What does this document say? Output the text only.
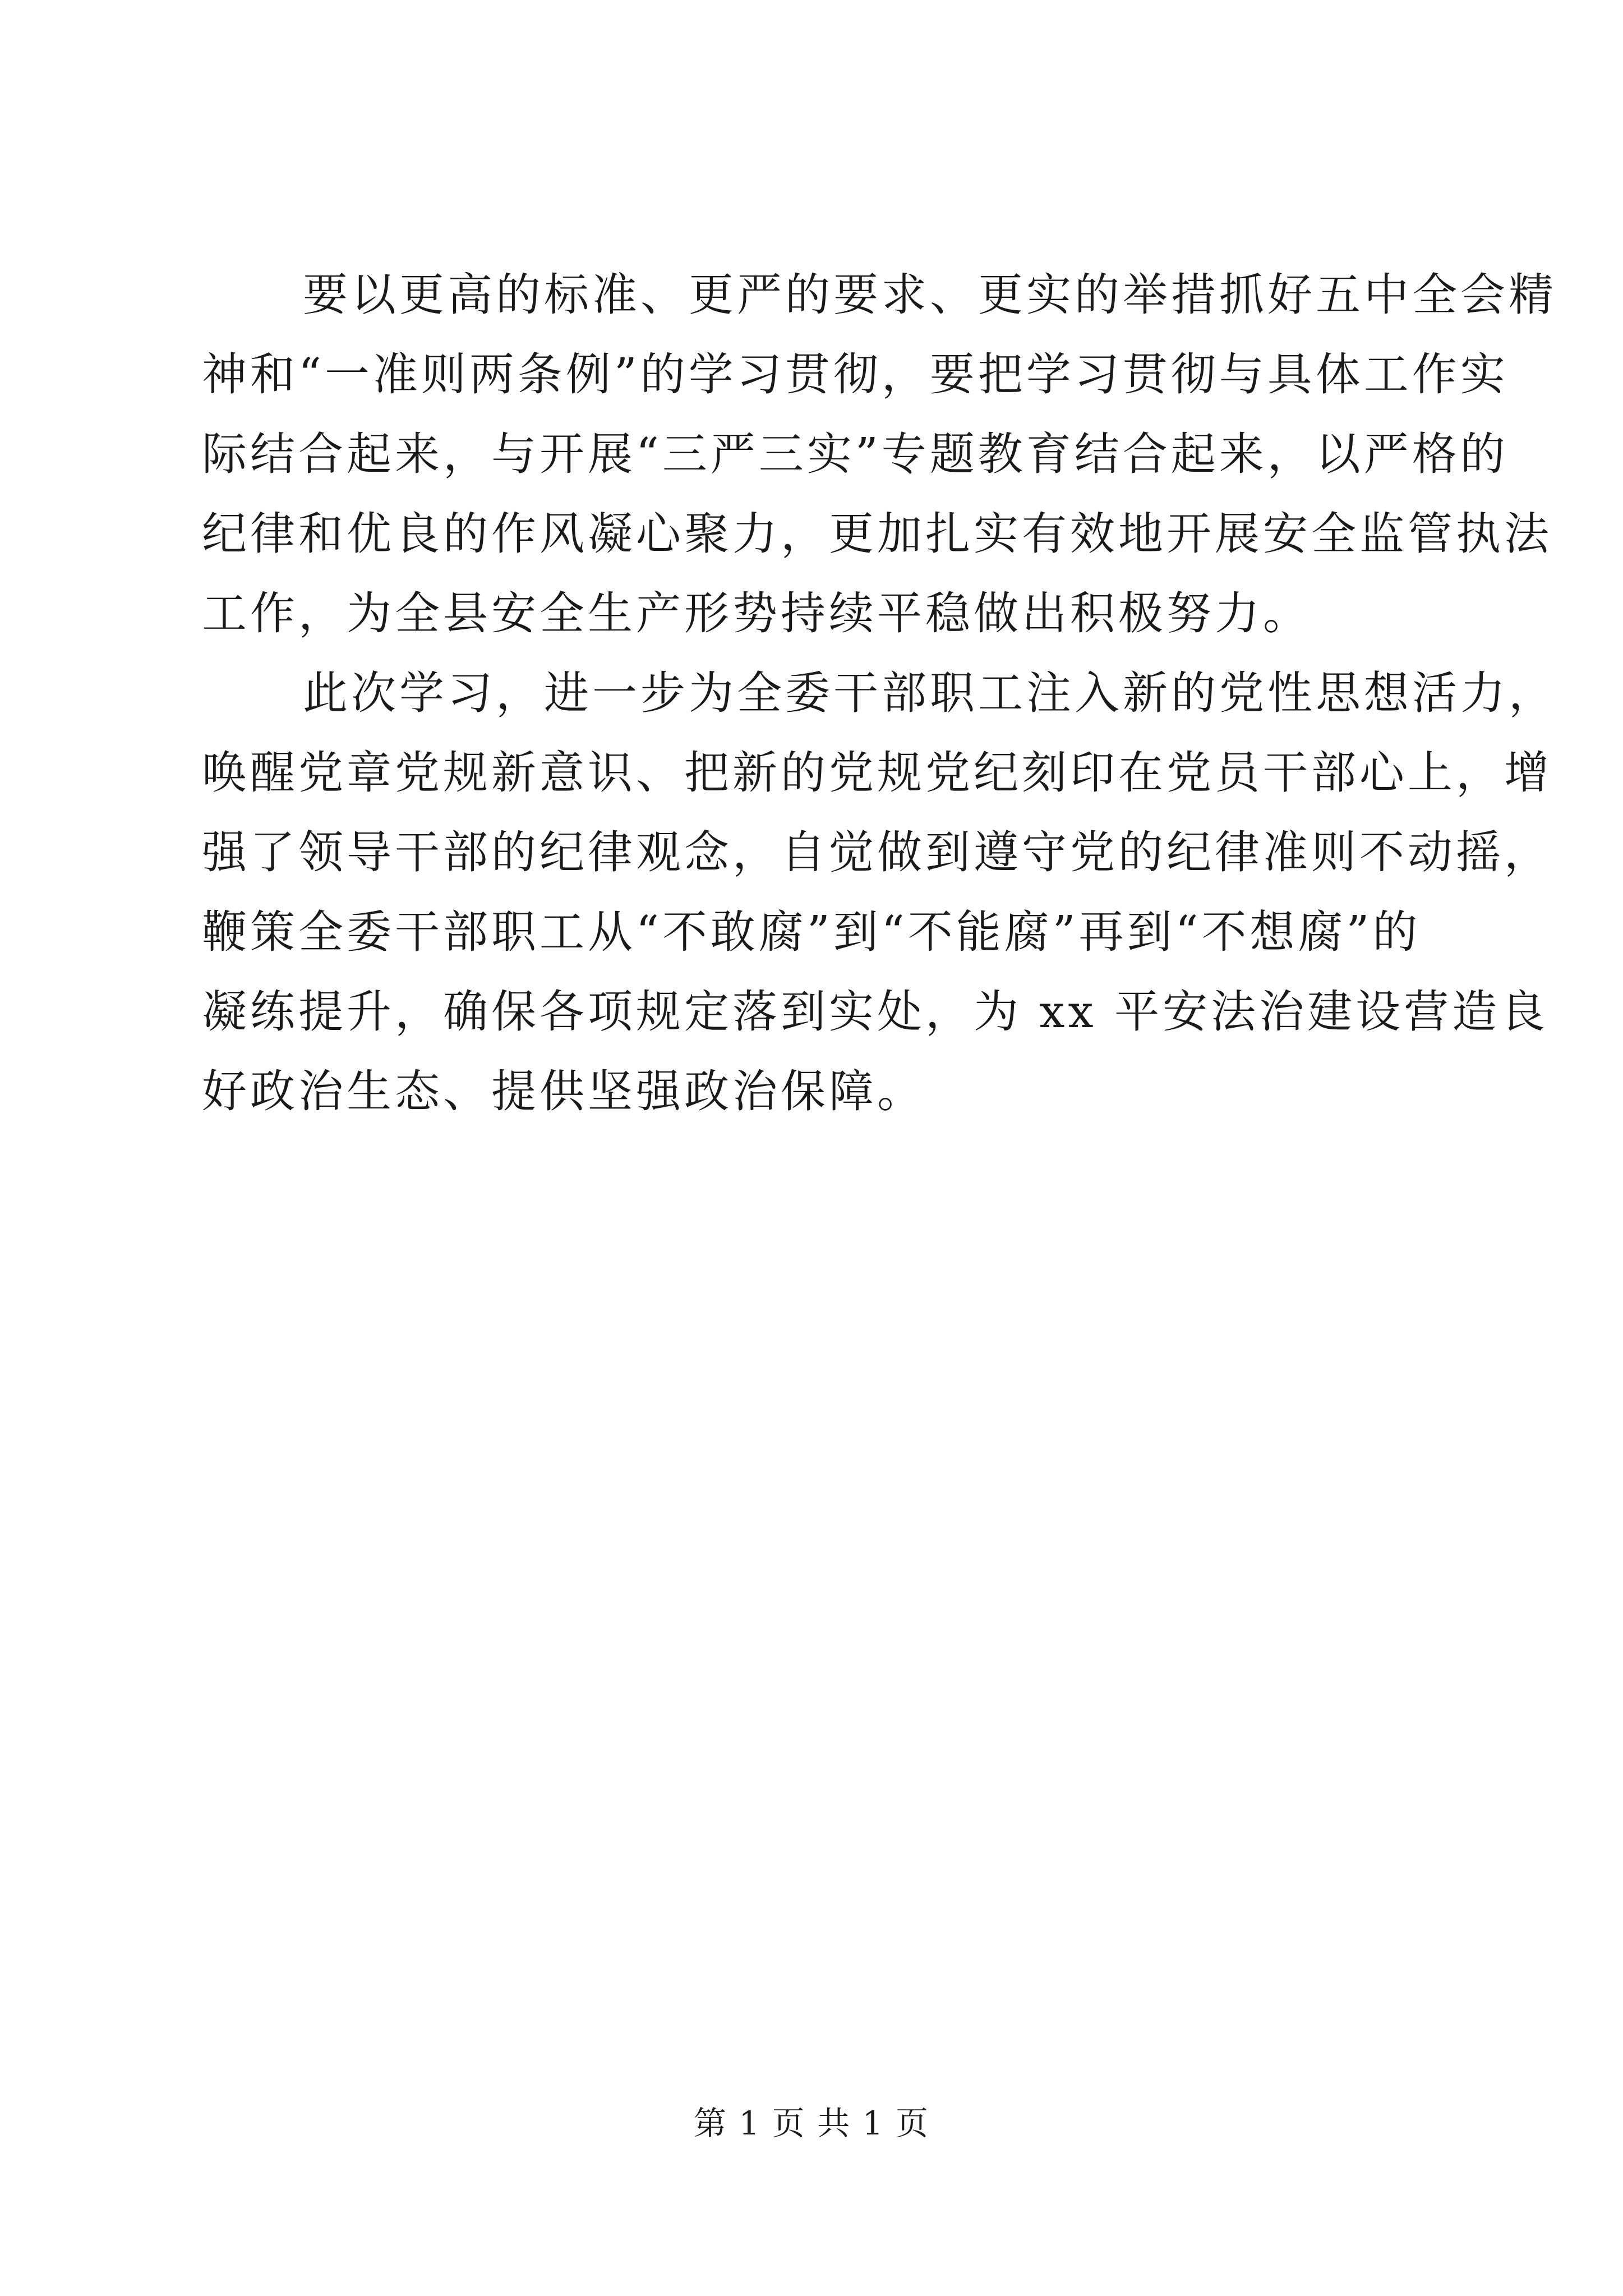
要以更高的标准、更严的要求、更实的举措抓好五中全会精
神和“一准则两条例”的学习贯彻，要把学习贯彻与具体工作实
际结合起来，与开展“三严三实”专题教育结合起来，以严格的
纪律和优良的作风凝心聚力，更加扎实有效地开展安全监管执法
工作，为全县安全生产形势持续平稳做出积极努力。
此次学习，进一步为全委干部职工注入新的党性思想活力，
唤醒党章党规新意识、把新的党规党纪刻印在党员干部心上，增
强了领导干部的纪律观念，自觉做到遵守党的纪律准则不动摇，
鞭策全委干部职工从“不敢腐”到“不能腐”再到“不想腐”的
凝练提升，确保各项规定落到实处，为 xx 平安法治建设营造良
好政治生态、提供坚强政治保障。
第 1 页 共 1 页
